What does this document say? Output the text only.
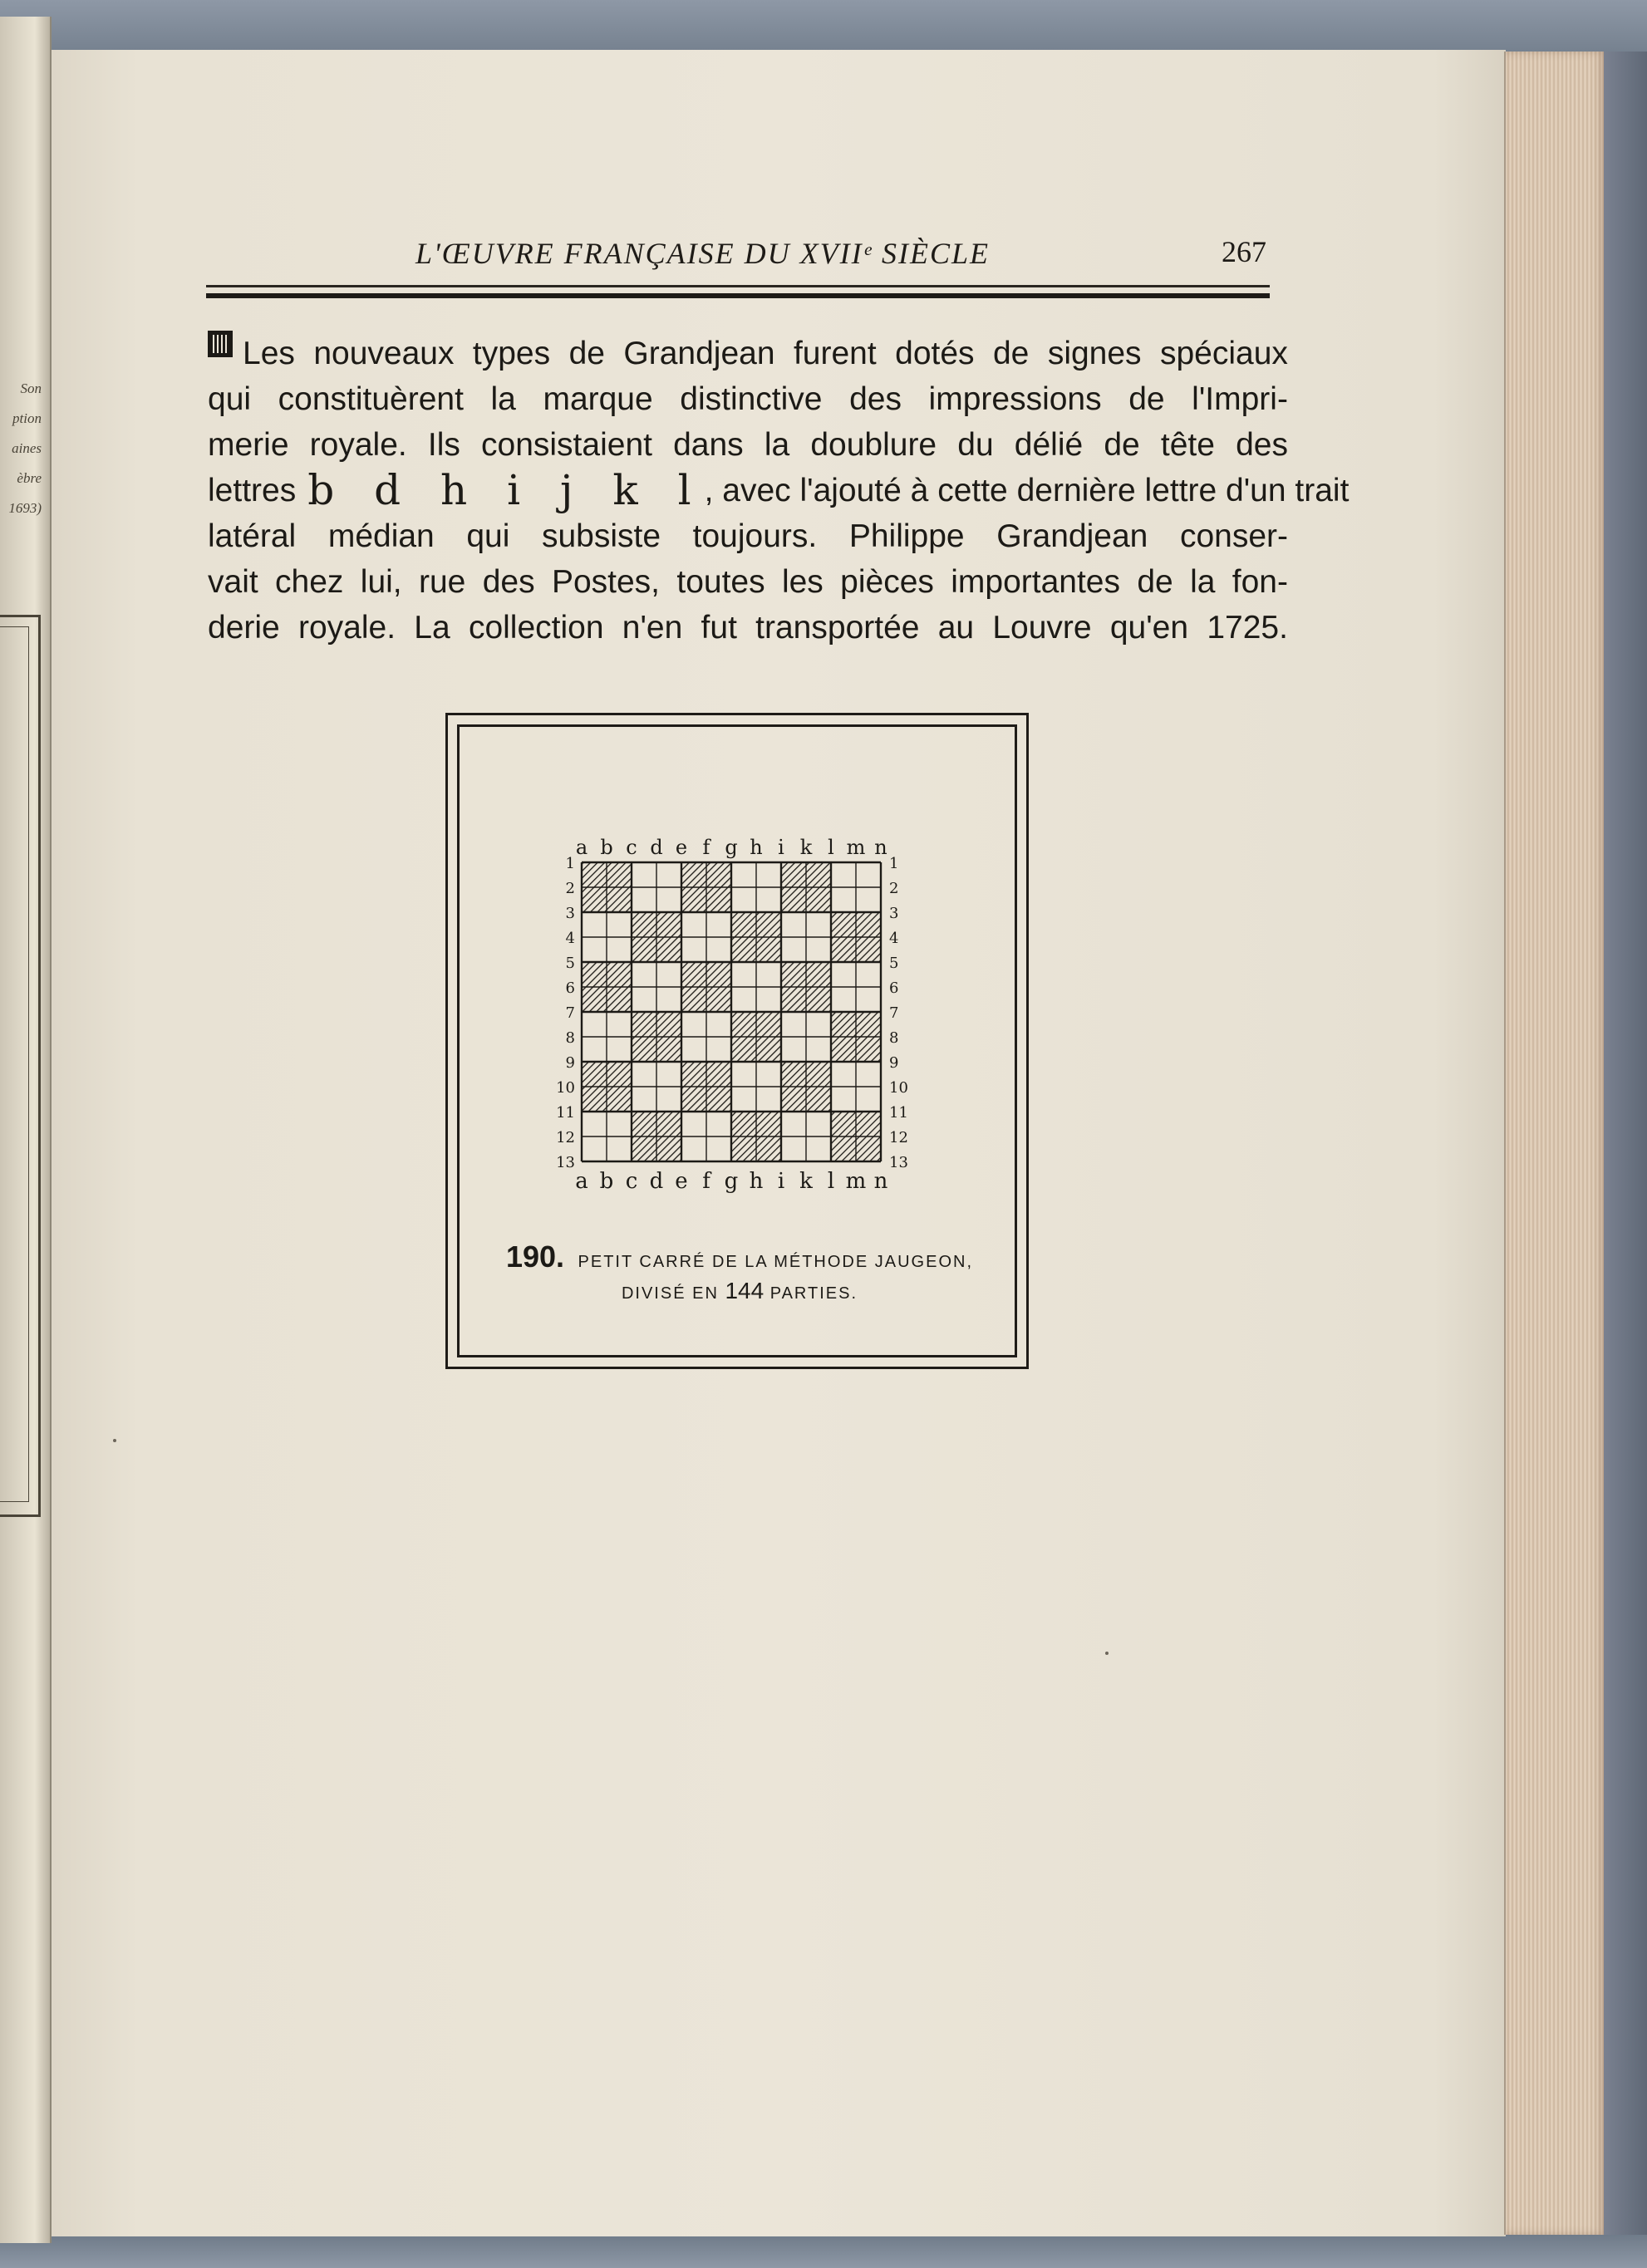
Son
ption
aines
èbre
1693)
L'ŒUVRE FRANÇAISE DU XVIIᵉ SIÈCLE	267
Les nouveaux types de Grandjean furent dotés de signes spéciaux
qui constituèrent la marque distinctive des impressions de l'Impri-
merie royale. Ils consistaient dans la doublure du délié de tête des
lettres b d h i j k l , avec l'ajouté à cette dernière lettre d'un trait
latéral médian qui subsiste toujours. Philippe Grandjean conser-
vait chez lui, rue des Postes, toutes les pièces importantes de la fon-
derie royale. La collection n'en fut transportée au Louvre qu'en 1725.
a
a
b
b
c
c
d
d
e
e
f
f
g
g
h
h
i
i
k
k
l
l
m
m
n
n
1	1
2	2
3	3
4	4
5	5
6	6
7	7
8	8
9	9
10	10
11	11
12	12
13	13
190. PETIT CARRÉ DE LA MÉTHODE JAUGEON,
DIVISÉ EN 144 PARTIES.
